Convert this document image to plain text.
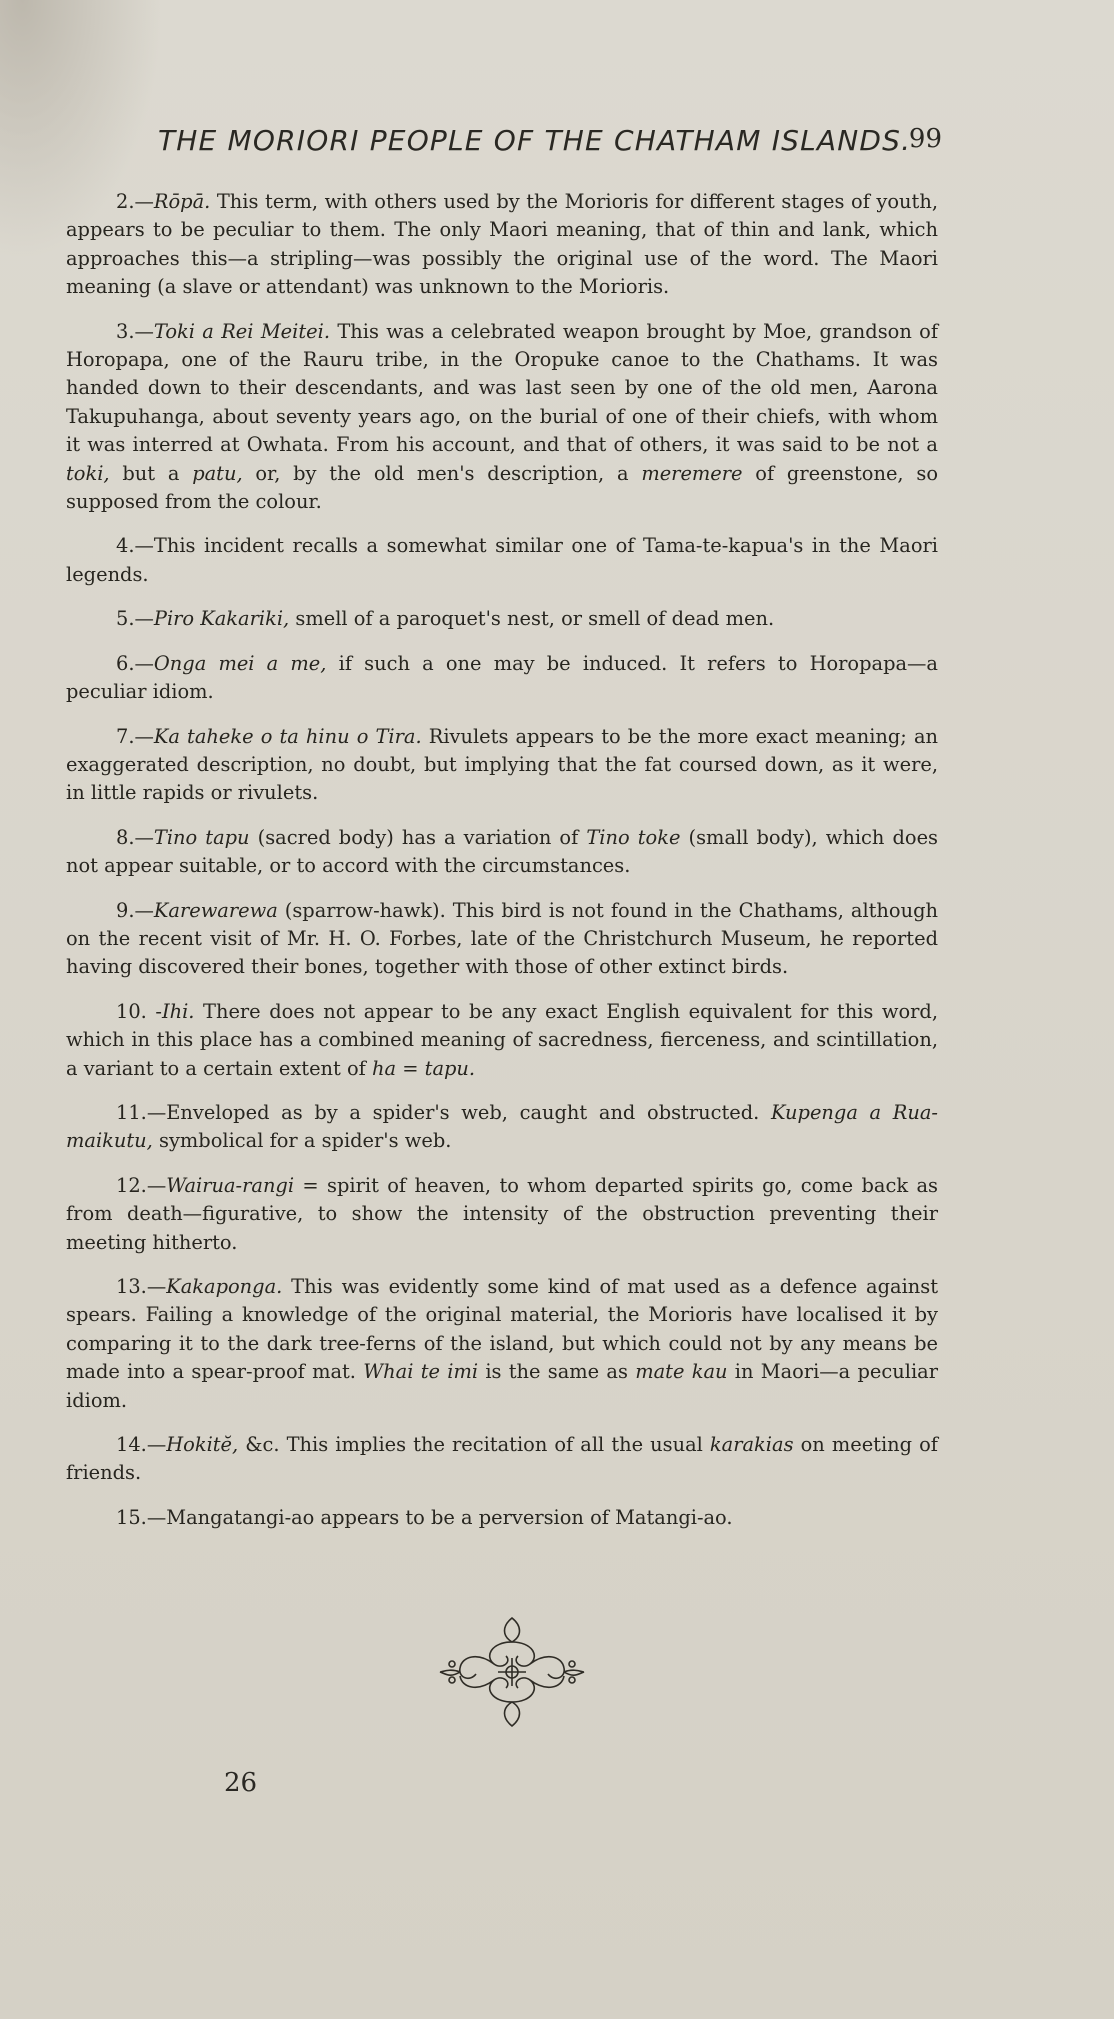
THE MORIORI PEOPLE OF THE CHATHAM ISLANDS.
99

2.—Rōpā. This term, with others used by the Morioris for different stages of youth, appears to be peculiar to them. The only Maori meaning, that of thin and lank, which approaches this—a stripling—was possibly the original use of the word. The Maori meaning (a slave or attendant) was unknown to the Morioris.

3.—Toki a Rei Meitei. This was a celebrated weapon brought by Moe, grandson of Horopapa, one of the Rauru tribe, in the Oropuke canoe to the Chathams. It was handed down to their descendants, and was last seen by one of the old men, Aarona Takupuhanga, about seventy years ago, on the burial of one of their chiefs, with whom it was interred at Owhata. From his account, and that of others, it was said to be not a toki, but a patu, or, by the old men's description, a meremere of greenstone, so supposed from the colour.

4.—This incident recalls a somewhat similar one of Tama-te-kapua's in the Maori legends.

5.—Piro Kakariki, smell of a paroquet's nest, or smell of dead men.

6.—Onga mei a me, if such a one may be induced. It refers to Horopapa—a peculiar idiom.

7.—Ka taheke o ta hinu o Tira. Rivulets appears to be the more exact meaning; an exaggerated description, no doubt, but implying that the fat coursed down, as it were, in little rapids or rivulets.

8.—Tino tapu (sacred body) has a variation of Tino toke (small body), which does not appear suitable, or to accord with the circumstances.

9.—Karewarewa (sparrow-hawk). This bird is not found in the Chathams, although on the recent visit of Mr. H. O. Forbes, late of the Christchurch Museum, he reported having discovered their bones, together with those of other extinct birds.

10. -Ihi. There does not appear to be any exact English equivalent for this word, which in this place has a combined meaning of sacredness, fierceness, and scintillation, a variant to a certain extent of ha = tapu.

11.—Enveloped as by a spider's web, caught and obstructed. Kupenga a Rua-maikutu, symbolical for a spider's web.

12.—Wairua-rangi = spirit of heaven, to whom departed spirits go, come back as from death—figurative, to show the intensity of the obstruction preventing their meeting hitherto.

13.—Kakaponga. This was evidently some kind of mat used as a defence against spears. Failing a knowledge of the original material, the Morioris have localised it by comparing it to the dark tree-ferns of the island, but which could not by any means be made into a spear-proof mat. Whai te imi is the same as mate kau in Maori—a peculiar idiom.

14.—Hokitĕ, &c. This implies the recitation of all the usual karakias on meeting of friends.

15.—Mangatangi-ao appears to be a perversion of Matangi-ao.

26
